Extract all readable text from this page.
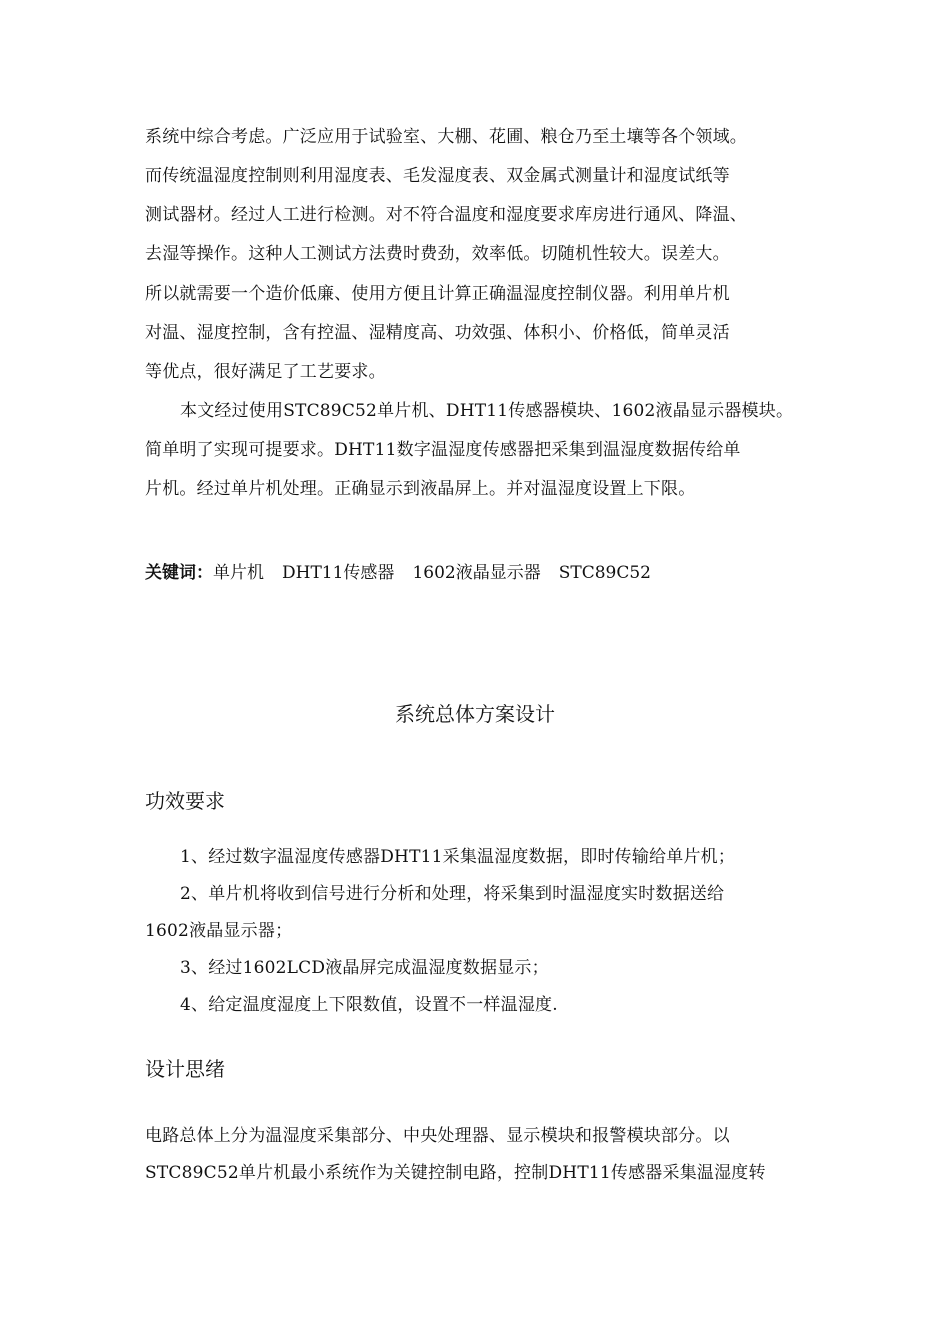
系统中综合考虑。广泛应用于试验室、大棚、花圃、粮仓乃至土壤等各个领域。
而传统温湿度控制则利用湿度表、毛发湿度表、双金属式测量计和湿度试纸等
测试器材。经过人工进行检测。对不符合温度和湿度要求库房进行通风、降温、
去湿等操作。这种人工测试方法费时费劲，效率低。切随机性较大。误差大。
所以就需要一个造价低廉、使用方便且计算正确温湿度控制仪器。利用单片机
对温、湿度控制，含有控温、湿精度高、功效强、体积小、价格低，简单灵活
等优点，很好满足了工艺要求。
本文经过使用STC89C52单片机、DHT11传感器模块、1602液晶显示器模块。
简单明了实现可提要求。DHT11数字温湿度传感器把采集到温湿度数据传给单
片机。经过单片机处理。正确显示到液晶屏上。并对温湿度设置上下限。
关键词：单片机 DHT11传感器 1602液晶显示器 STC89C52
系统总体方案设计
功效要求
1、经过数字温湿度传感器DHT11采集温湿度数据，即时传输给单片机；
2、单片机将收到信号进行分析和处理，将采集到时温湿度实时数据送给
1602液晶显示器；
3、经过1602LCD液晶屏完成温湿度数据显示；
4、给定温度湿度上下限数值，设置不一样温湿度.
设计思绪
电路总体上分为温湿度采集部分、中央处理器、显示模块和报警模块部分。以
STC89C52单片机最小系统作为关键控制电路，控制DHT11传感器采集温湿度转
